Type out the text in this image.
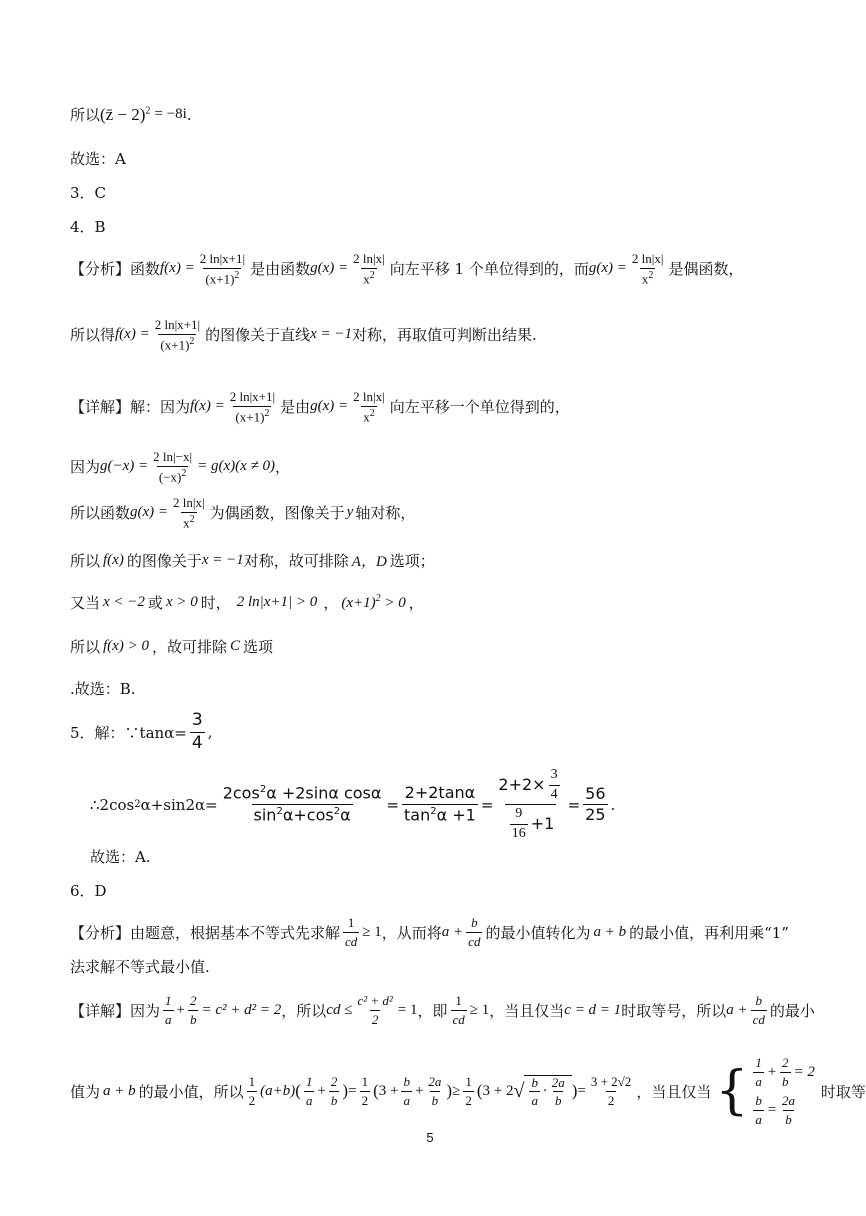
所以 (z̄ − 2)$^2$ = −8i .
故选：A
3．C
4．B
【分析】函数 $f(x) = \frac{2 \ln|x+1|}{(x+1)^2}$ 是由函数 $g(x) = \frac{2 \ln|x|}{x^2}$ 向左平移 1 个单位得到的，而 $g(x) = \frac{2 \ln|x|}{x^2}$ 是偶函数，
所以得 $f(x) = \frac{2 \ln|x+1|}{(x+1)^2}$ 的图像关于直线 x = −1 对称，再取值可判断出结果.
【详解】解：因为 $f(x) = \frac{2 \ln|x+1|}{(x+1)^2}$ 是由 $g(x) = \frac{2 \ln|x|}{x^2}$ 向左平移一个单位得到的，
因为 $g(-x) = \frac{2 \ln|-x|}{(-x)^2} = g(x)(x \ne 0)$ ，
所以函数 $g(x) = \frac{2 \ln|x|}{x^2}$ 为偶函数，图像关于 y 轴对称，
所以 f(x) 的图像关于 x = −1 对称，故可排除 A，D 选项；
又当 x < −2 或 x > 0 时， 2 ln|x+1| > 0 ， $(x+1)^2 > 0$ ，
所以 f(x) > 0 ，故可排除 C 选项
.故选：B.
5．解：∵tanα= $\frac{3}{4}$ ,
∴2cos 2 $\alpha+\sin 2\alpha= \frac{2\cos^2\alpha +2\sin\alpha \cos\alpha}{\sin^2\alpha+\cos^2\alpha} = \frac{2+2\tan\alpha}{\tan^2\alpha +1} = \frac{2+2\times \frac{3}{4}}{\frac{9}{16} +1} = \frac{56}{25}$ .
故选：A.
6．D
【分析】由题意，根据基本不等式先求解 $\frac{1}{cd} \ge 1$ ，从而将 $a + \frac{b}{cd}$ 的最小值转化为 a + b 的最小值，再利用乘“1”
法求解不等式最小值.
【详解】因为 $\frac{1}{a} + \frac{2}{b} = c^2 + d^2 = 2$ ，所以 cd ≤ $\frac{\text{c² + d²}}{2} = 1$ ，即 $\frac{1}{cd} \ge 1$ ，当且仅当 c = d = 1 时取等号，所以 $a + \frac{b}{cd}$ 的最小
值为 a + b 的最小值，所以 $\frac{1}{2} (a+b)$ ( $\frac{1}{a} + \frac{2}{b}$ ) = $\frac{1}{2}$ ( $3 + \frac{b}{a} + \frac{2a}{b}$ ) ≥ $\frac{1}{2}$ ( 3 + 2 √ $\frac{b}{a} \cdot \frac{2a}{b}$ ) = $\frac{3 + 2√2}{2}$ ，当且仅当 { $\frac{1}{a} + \frac{2}{b} = 2$
$\frac{b}{a} = \frac{2a}{b}$
时取等
5
